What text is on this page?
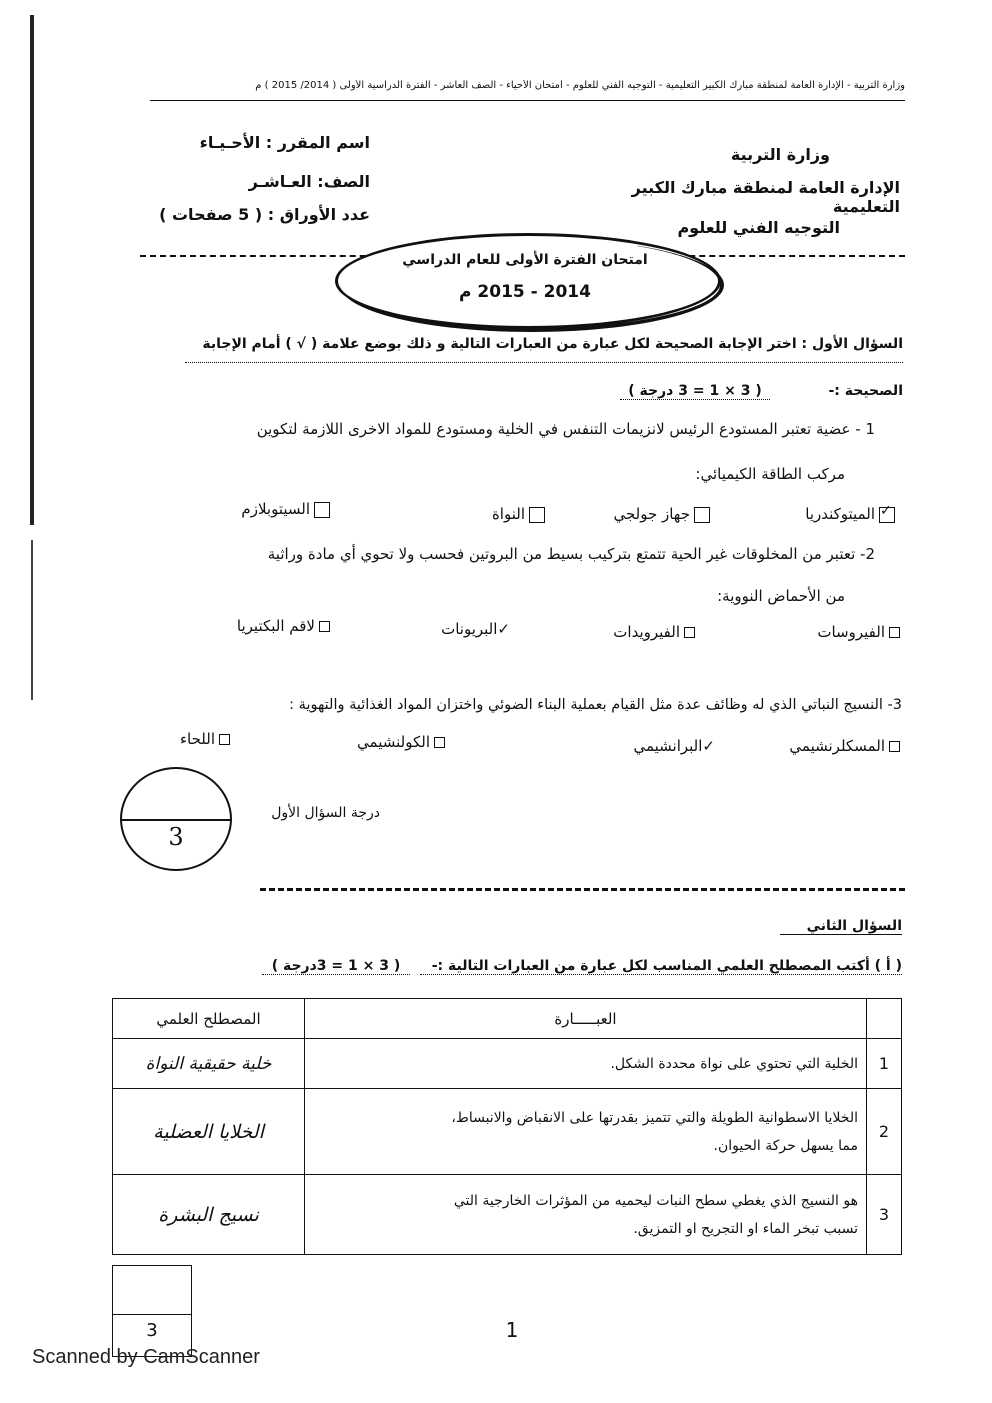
وزارة التربية - الإدارة العامة لمنطقة مبارك الكبير التعليمية - التوجيه الفني للعلوم - امتحان الأحياء - الصف العاشر - الفترة الدراسية الأولى ( 2014/ 2015 ) م
اسم المقرر : الأحـيـاء
الصف: العـاشـر
عدد الأوراق : ( 5 صفحات )
وزارة التربية
الإدارة العامة لمنطقة مبارك الكبير التعليمية
التوجيه الفني للعلوم
امتحان الفترة الأولى للعام الدراسي
2014 - 2015 م
السؤال الأول : اختر الإجابة الصحيحة لكل عبارة من العبارات التالية و ذلك بوضع علامة ( √ ) أمام الإجابة
الصحيحة :-
( 3 × 1 = 3 درجة )
1 - عضية تعتبر المستودع الرئيس لانزيمات التنفس في الخلية ومستودع للمواد الاخرى اللازمة لتكوين
مركب الطاقة الكيميائي:
✓الميتوكندريا
جهاز جولجي
النواة
السيتوبلازم
2- تعتبر من المخلوقات غير الحية تتمتع بتركيب بسيط من البروتين فحسب ولا تحوي أي مادة وراثية
من الأحماض النووية:
الفيروسات
الفيرويدات
✓البريونات
لاقم البكتيريا
3- النسيج النباتي الذي له وظائف عدة مثل القيام بعملية البناء الضوئي واختزان المواد الغذائية والتهوية :
المسكلرنشيمي
✓البرانشيمي
الكولنشيمي
اللحاء
3
درجة السؤال الأول
السؤال الثاني
( أ ) أكتب المصطلح العلمي المناسب لكل عبارة من العبارات التالية :-
( 3 × 1 = 3درجة )
	العبـــــارة	المصطلح العلمي
1	الخلية التي تحتوي على نواة محددة الشكل.	خلية حقيقية النواة
2	الخلايا الاسطوانية الطويلة والتي تتميز بقدرتها على الانقباض والانبساط،
مما يسهل حركة الحيوان.	الخلايا العضلية
3	هو النسيج الذي يغطي سطح النبات ليحميه من المؤثرات الخارجية التي
تسبب تبخر الماء او التجريح او التمزيق.	نسيج البشرة
3	1
Scanned by CamScanner
